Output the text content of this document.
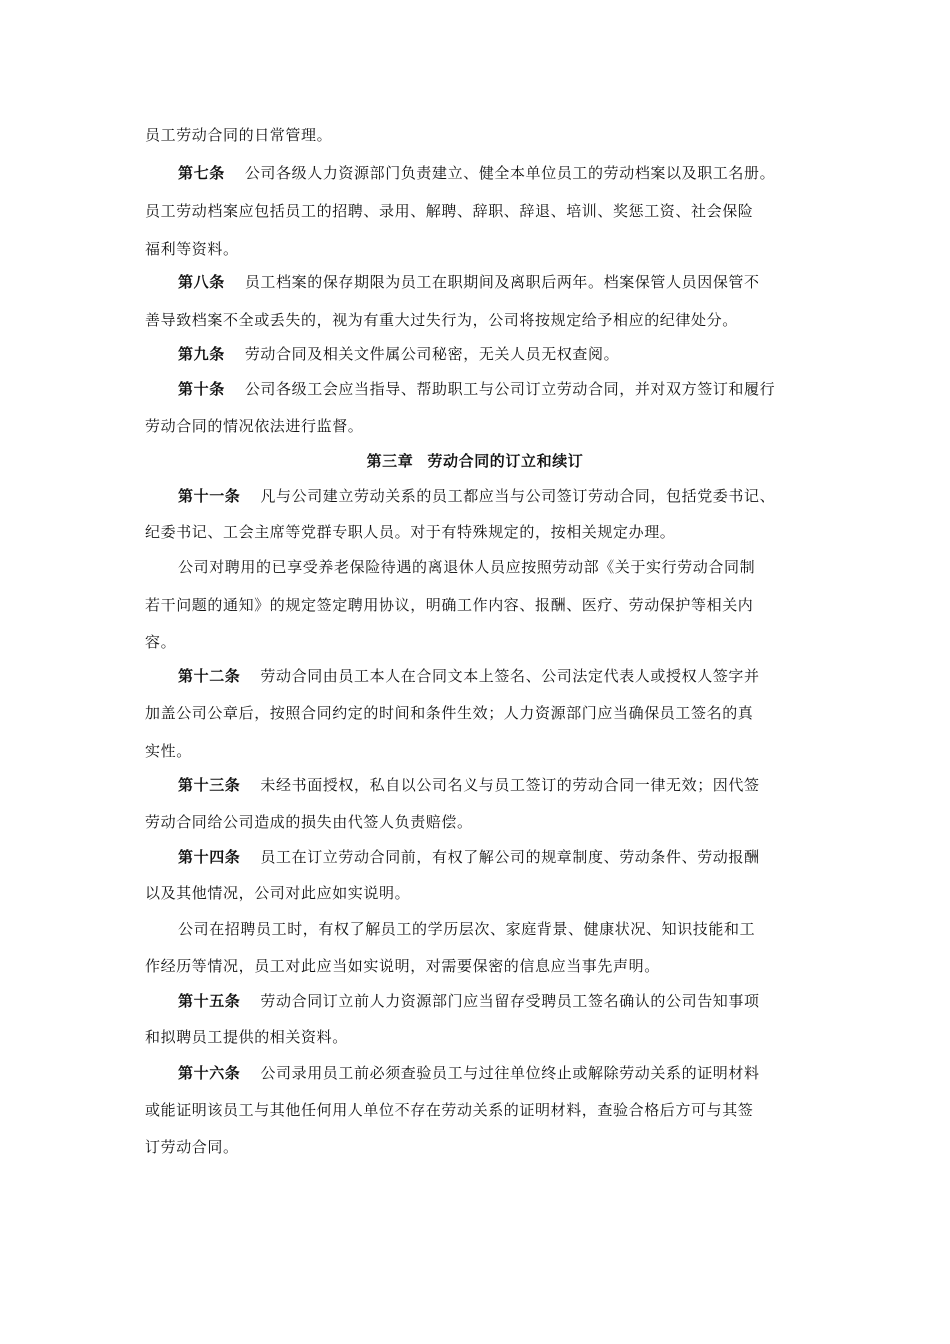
员工劳动合同的日常管理。
第七条 公司各级人力资源部门负责建立、健全本单位员工的劳动档案以及职工名册。
员工劳动档案应包括员工的招聘、录用、解聘、辞职、辞退、培训、奖惩工资、社会保险
福利等资料。
第八条 员工档案的保存期限为员工在职期间及离职后两年。档案保管人员因保管不
善导致档案不全或丢失的，视为有重大过失行为，公司将按规定给予相应的纪律处分。
第九条 劳动合同及相关文件属公司秘密，无关人员无权查阅。
第十条 公司各级工会应当指导、帮助职工与公司订立劳动合同，并对双方签订和履行
劳动合同的情况依法进行监督。
第三章 劳动合同的订立和续订
第十一条 凡与公司建立劳动关系的员工都应当与公司签订劳动合同，包括党委书记、
纪委书记、工会主席等党群专职人员。对于有特殊规定的，按相关规定办理。
公司对聘用的已享受养老保险待遇的离退休人员应按照劳动部《关于实行劳动合同制
若干问题的通知》的规定签定聘用协议，明确工作内容、报酬、医疗、劳动保护等相关内
容。
第十二条 劳动合同由员工本人在合同文本上签名、公司法定代表人或授权人签字并
加盖公司公章后，按照合同约定的时间和条件生效；人力资源部门应当确保员工签名的真
实性。
第十三条 未经书面授权，私自以公司名义与员工签订的劳动合同一律无效；因代签
劳动合同给公司造成的损失由代签人负责赔偿。
第十四条 员工在订立劳动合同前，有权了解公司的规章制度、劳动条件、劳动报酬
以及其他情况，公司对此应如实说明。
公司在招聘员工时，有权了解员工的学历层次、家庭背景、健康状况、知识技能和工
作经历等情况，员工对此应当如实说明，对需要保密的信息应当事先声明。
第十五条 劳动合同订立前人力资源部门应当留存受聘员工签名确认的公司告知事项
和拟聘员工提供的相关资料。
第十六条 公司录用员工前必须查验员工与过往单位终止或解除劳动关系的证明材料
或能证明该员工与其他任何用人单位不存在劳动关系的证明材料，查验合格后方可与其签
订劳动合同。
